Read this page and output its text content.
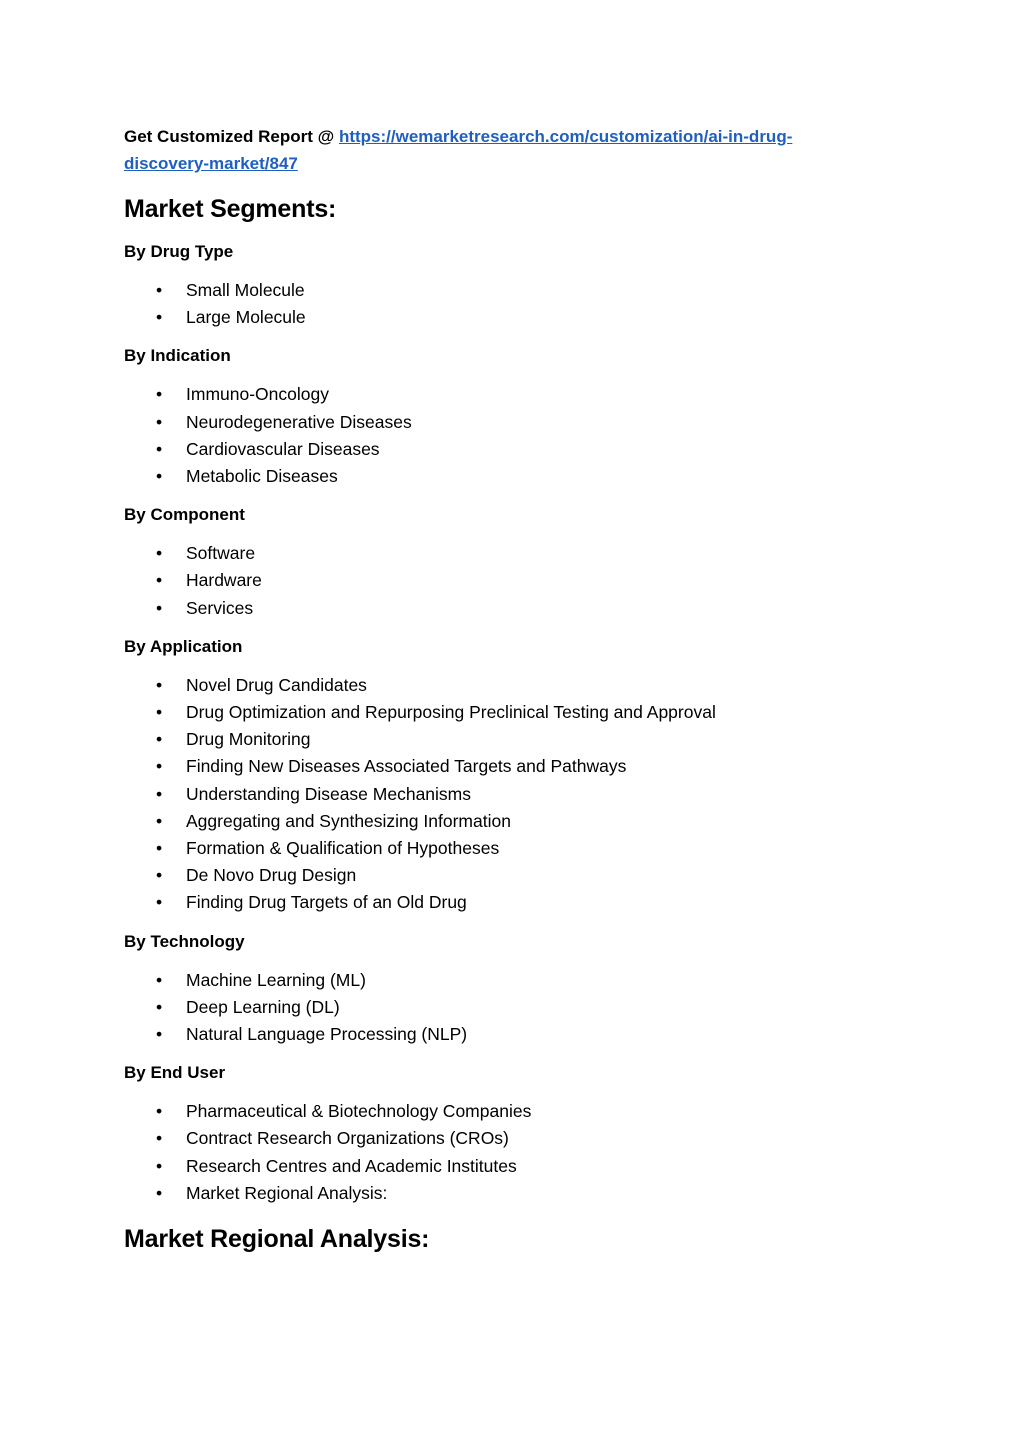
Get Customized Report @ https://wemarketresearch.com/customization/ai-in-drug-
discovery-market/847

Market Segments:
By Drug Type
• Small Molecule
• Large Molecule
By Indication
• Immuno-Oncology
• Neurodegenerative Diseases
• Cardiovascular Diseases
• Metabolic Diseases
By Component
• Software
• Hardware
• Services
By Application
• Novel Drug Candidates
• Drug Optimization and Repurposing Preclinical Testing and Approval
• Drug Monitoring
• Finding New Diseases Associated Targets and Pathways
• Understanding Disease Mechanisms
• Aggregating and Synthesizing Information
• Formation & Qualification of Hypotheses
• De Novo Drug Design
• Finding Drug Targets of an Old Drug
By Technology
• Machine Learning (ML)
• Deep Learning (DL)
• Natural Language Processing (NLP)
By End User
• Pharmaceutical & Biotechnology Companies
• Contract Research Organizations (CROs)
• Research Centres and Academic Institutes
• Market Regional Analysis:
Market Regional Analysis:
